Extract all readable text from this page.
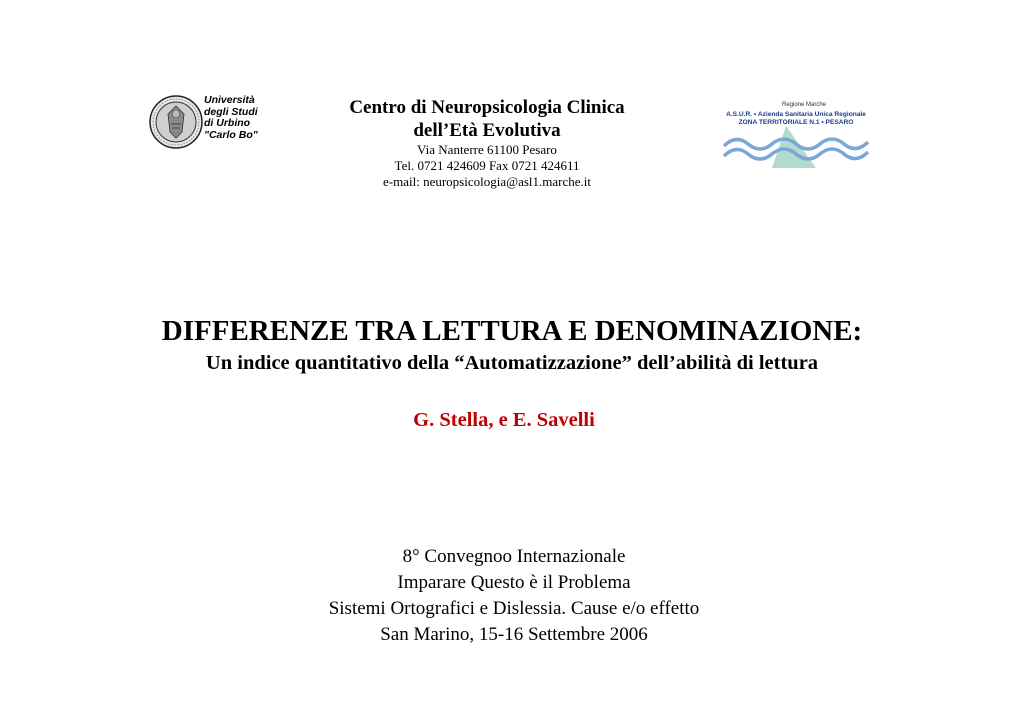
Università
degli Studi
di Urbino
"Carlo Bo"
Centro di Neuropsicologia Clinica
dell’Età Evolutiva
Via Nanterre 61100 Pesaro
Tel. 0721 424609 Fax 0721 424611
e-mail: neuropsicologia@asl1.marche.it
Regione Marche
A.S.U.R. • Azienda Sanitaria Unica Regionale
ZONA TERRITORIALE N.1 • PESARO
DIFFERENZE TRA LETTURA E DENOMINAZIONE:
Un indice quantitativo della “Automatizzazione” dell’abilità di lettura
G. Stella, e E. Savelli
8° Convegnoo Internazionale
Imparare Questo è il Problema
Sistemi Ortografici e Dislessia. Cause e/o effetto
San Marino, 15-16 Settembre 2006
